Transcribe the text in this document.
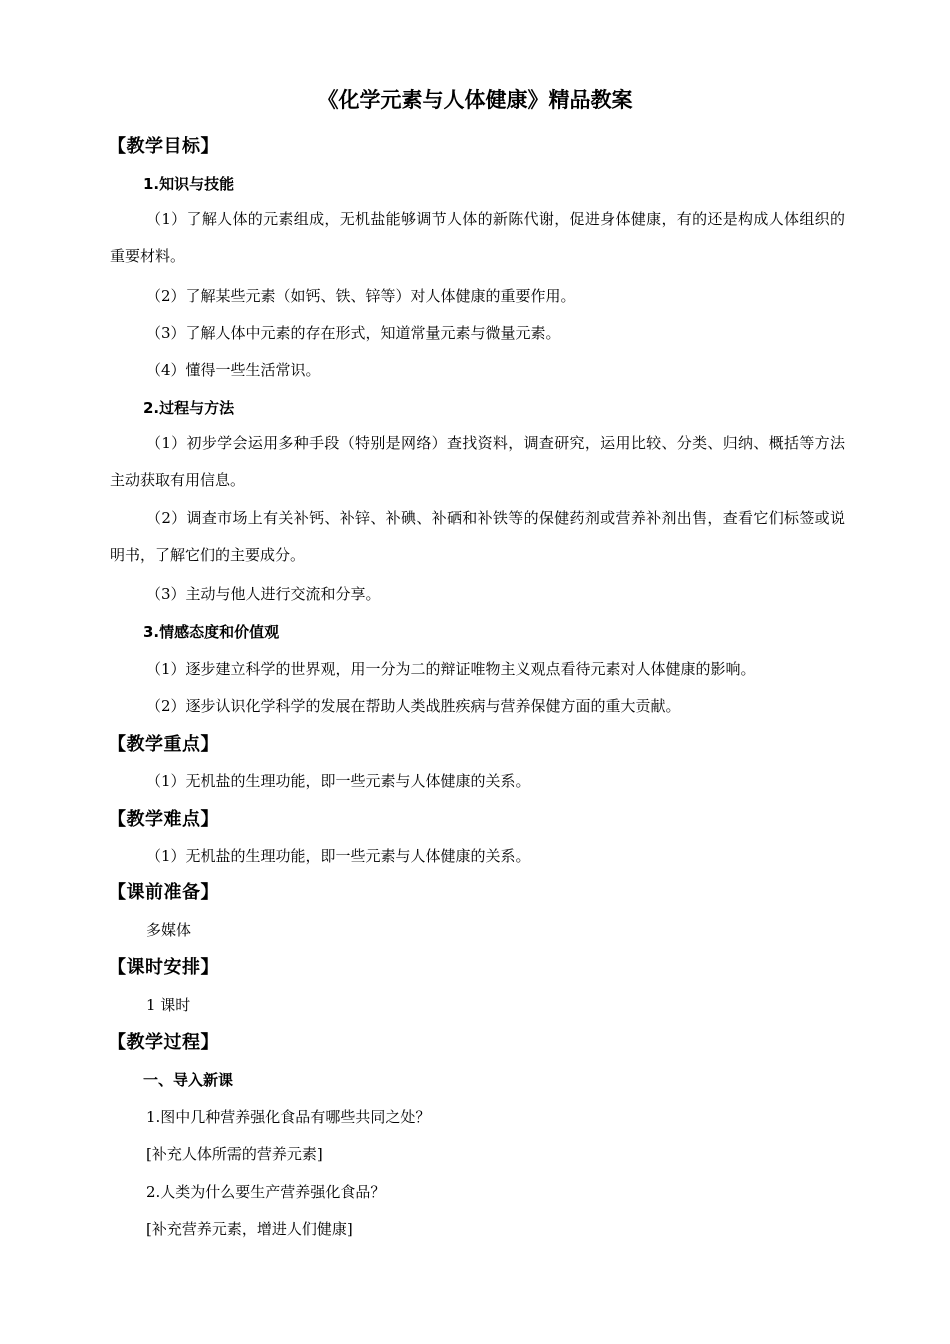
《化学元素与人体健康》精品教案
【教学目标】
1.知识与技能

（1）了解人体的元素组成，无机盐能够调节人体的新陈代谢，促进身体健康，有的还是构成人体组织的重要材料。

（2）了解某些元素（如钙、铁、锌等）对人体健康的重要作用。

（3）了解人体中元素的存在形式，知道常量元素与微量元素。

（4）懂得一些生活常识。

2.过程与方法

（1）初步学会运用多种手段（特别是网络）查找资料，调查研究，运用比较、分类、归纳、概括等方法主动获取有用信息。

（2）调查市场上有关补钙、补锌、补碘、补硒和补铁等的保健药剂或营养补剂出售，查看它们标签或说明书，了解它们的主要成分。

（3）主动与他人进行交流和分享。

3.情感态度和价值观

（1）逐步建立科学的世界观，用一分为二的辩证唯物主义观点看待元素对人体健康的影响。

（2）逐步认识化学科学的发展在帮助人类战胜疾病与营养保健方面的重大贡献。

【教学重点】

（1）无机盐的生理功能，即一些元素与人体健康的关系。

【教学难点】

（1）无机盐的生理功能，即一些元素与人体健康的关系。

【课前准备】

多媒体

【课时安排】

1 课时

【教学过程】
一、导入新课

1.图中几种营养强化食品有哪些共同之处？

[补充人体所需的营养元素]

2.人类为什么要生产营养强化食品？

[补充营养元素，增进人们健康]
